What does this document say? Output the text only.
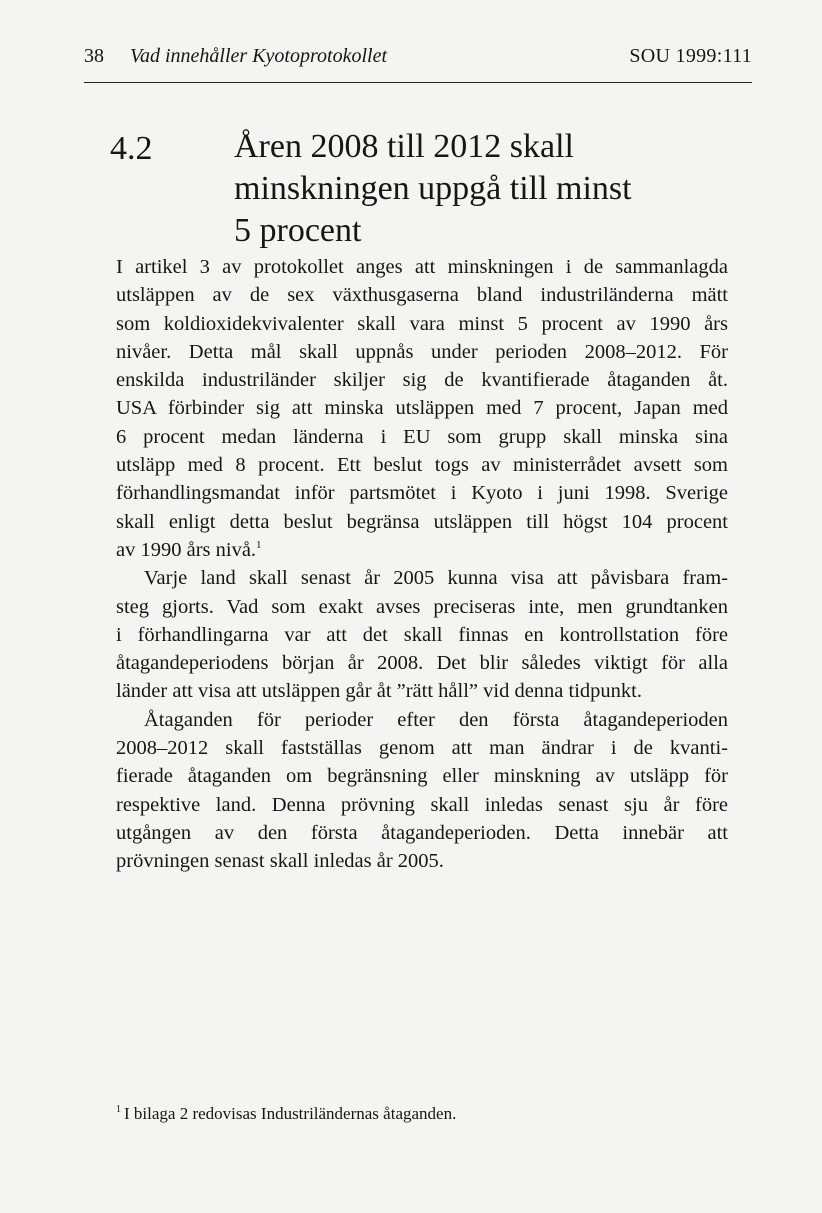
38 Vad innehåller Kyotoprotokollet	SOU 1999:111
4.2 Åren 2008 till 2012 skall
minskningen uppgå till minst
5 procent
I artikel 3 av protokollet anges att minskningen i de sammanlagda
utsläppen av de sex växthusgaserna bland industriländerna mätt
som koldioxidekvivalenter skall vara minst 5 procent av 1990 års
nivåer. Detta mål skall uppnås under perioden 2008–2012. För
enskilda industriländer skiljer sig de kvantifierade åtaganden åt.
USA förbinder sig att minska utsläppen med 7 procent, Japan med
6 procent medan länderna i EU som grupp skall minska sina
utsläpp med 8 procent. Ett beslut togs av ministerrådet avsett som
förhandlingsmandat inför partsmötet i Kyoto i juni 1998. Sverige
skall enligt detta beslut begränsa utsläppen till högst 104 procent
av 1990 års nivå.$^1$
Varje land skall senast år 2005 kunna visa att påvisbara fram-
steg gjorts. Vad som exakt avses preciseras inte, men grundtanken
i förhandlingarna var att det skall finnas en kontrollstation före
åtagandeperiodens början år 2008. Det blir således viktigt för alla
länder att visa att utsläppen går åt ”rätt håll” vid denna tidpunkt.
Åtaganden för perioder efter den första åtagandeperioden
2008–2012 skall fastställas genom att man ändrar i de kvanti-
fierade åtaganden om begränsning eller minskning av utsläpp för
respektive land. Denna prövning skall inledas senast sju år före
utgången av den första åtagandeperioden. Detta innebär att
prövningen senast skall inledas år 2005.
$^1$ I bilaga 2 redovisas Industriländernas åtaganden.
